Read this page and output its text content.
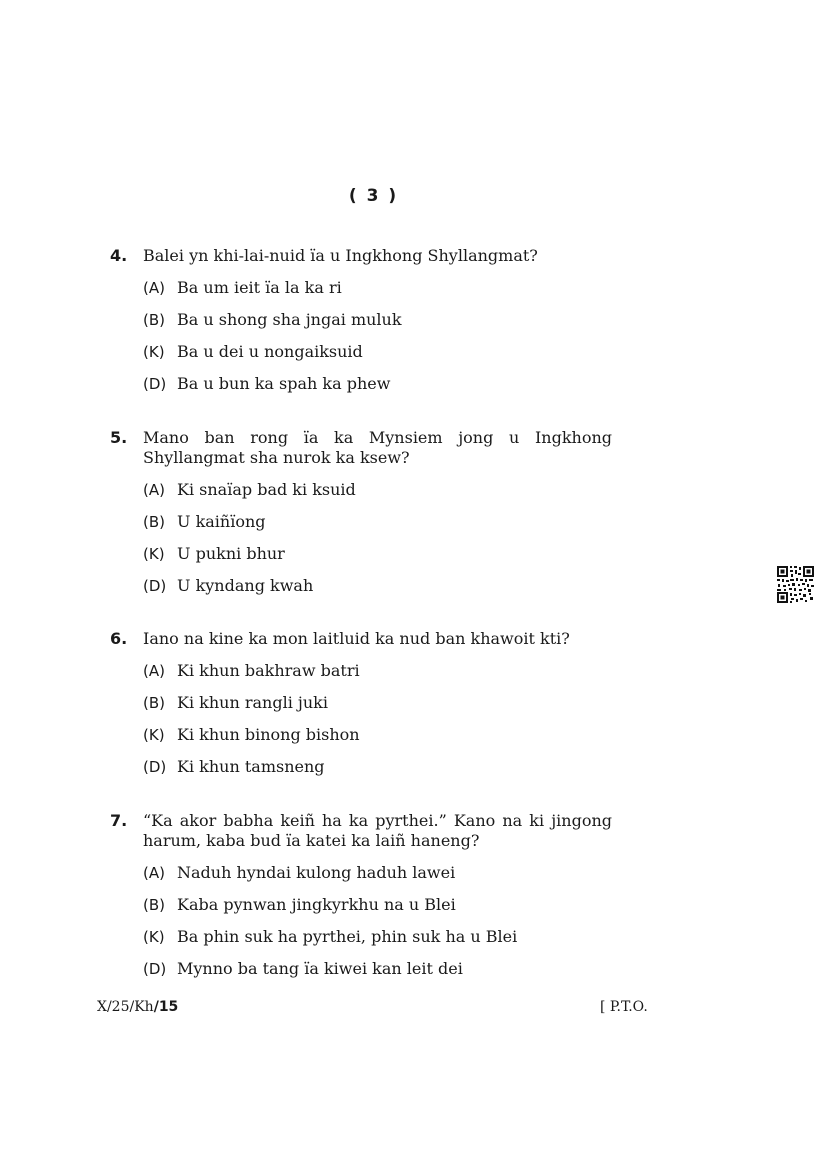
( 3 )
4. Balei yn khi-lai-nuid ïa u Ingkhong Shyllangmat?
(A) Ba um ieit ïa la ka ri
(B) Ba u shong sha jngai muluk
(K) Ba u dei u nongaiksuid
(D) Ba u bun ka spah ka phew
5. Mano ban rong ïa ka Mynsiem jong u Ingkhong Shyllangmat sha nurok ka ksew?
(A) Ki snaïap bad ki ksuid
(B) U kaiñïong
(K) U pukni bhur
(D) U kyndang kwah
6. Iano na kine ka mon laitluid ka nud ban khawoit kti?
(A) Ki khun bakhraw batri
(B) Ki khun rangli juki
(K) Ki khun binong bishon
(D) Ki khun tamsneng
7. “Ka akor babha keiñ ha ka pyrthei.” Kano na ki jingong harum, kaba bud ïa katei ka laiñ haneng?
(A) Naduh hyndai kulong haduh lawei
(B) Kaba pynwan jingkyrkhu na u Blei
(K) Ba phin suk ha pyrthei, phin suk ha u Blei
(D) Mynno ba tang ïa kiwei kan leit dei
X/25/Kh/15	[ P.T.O.
